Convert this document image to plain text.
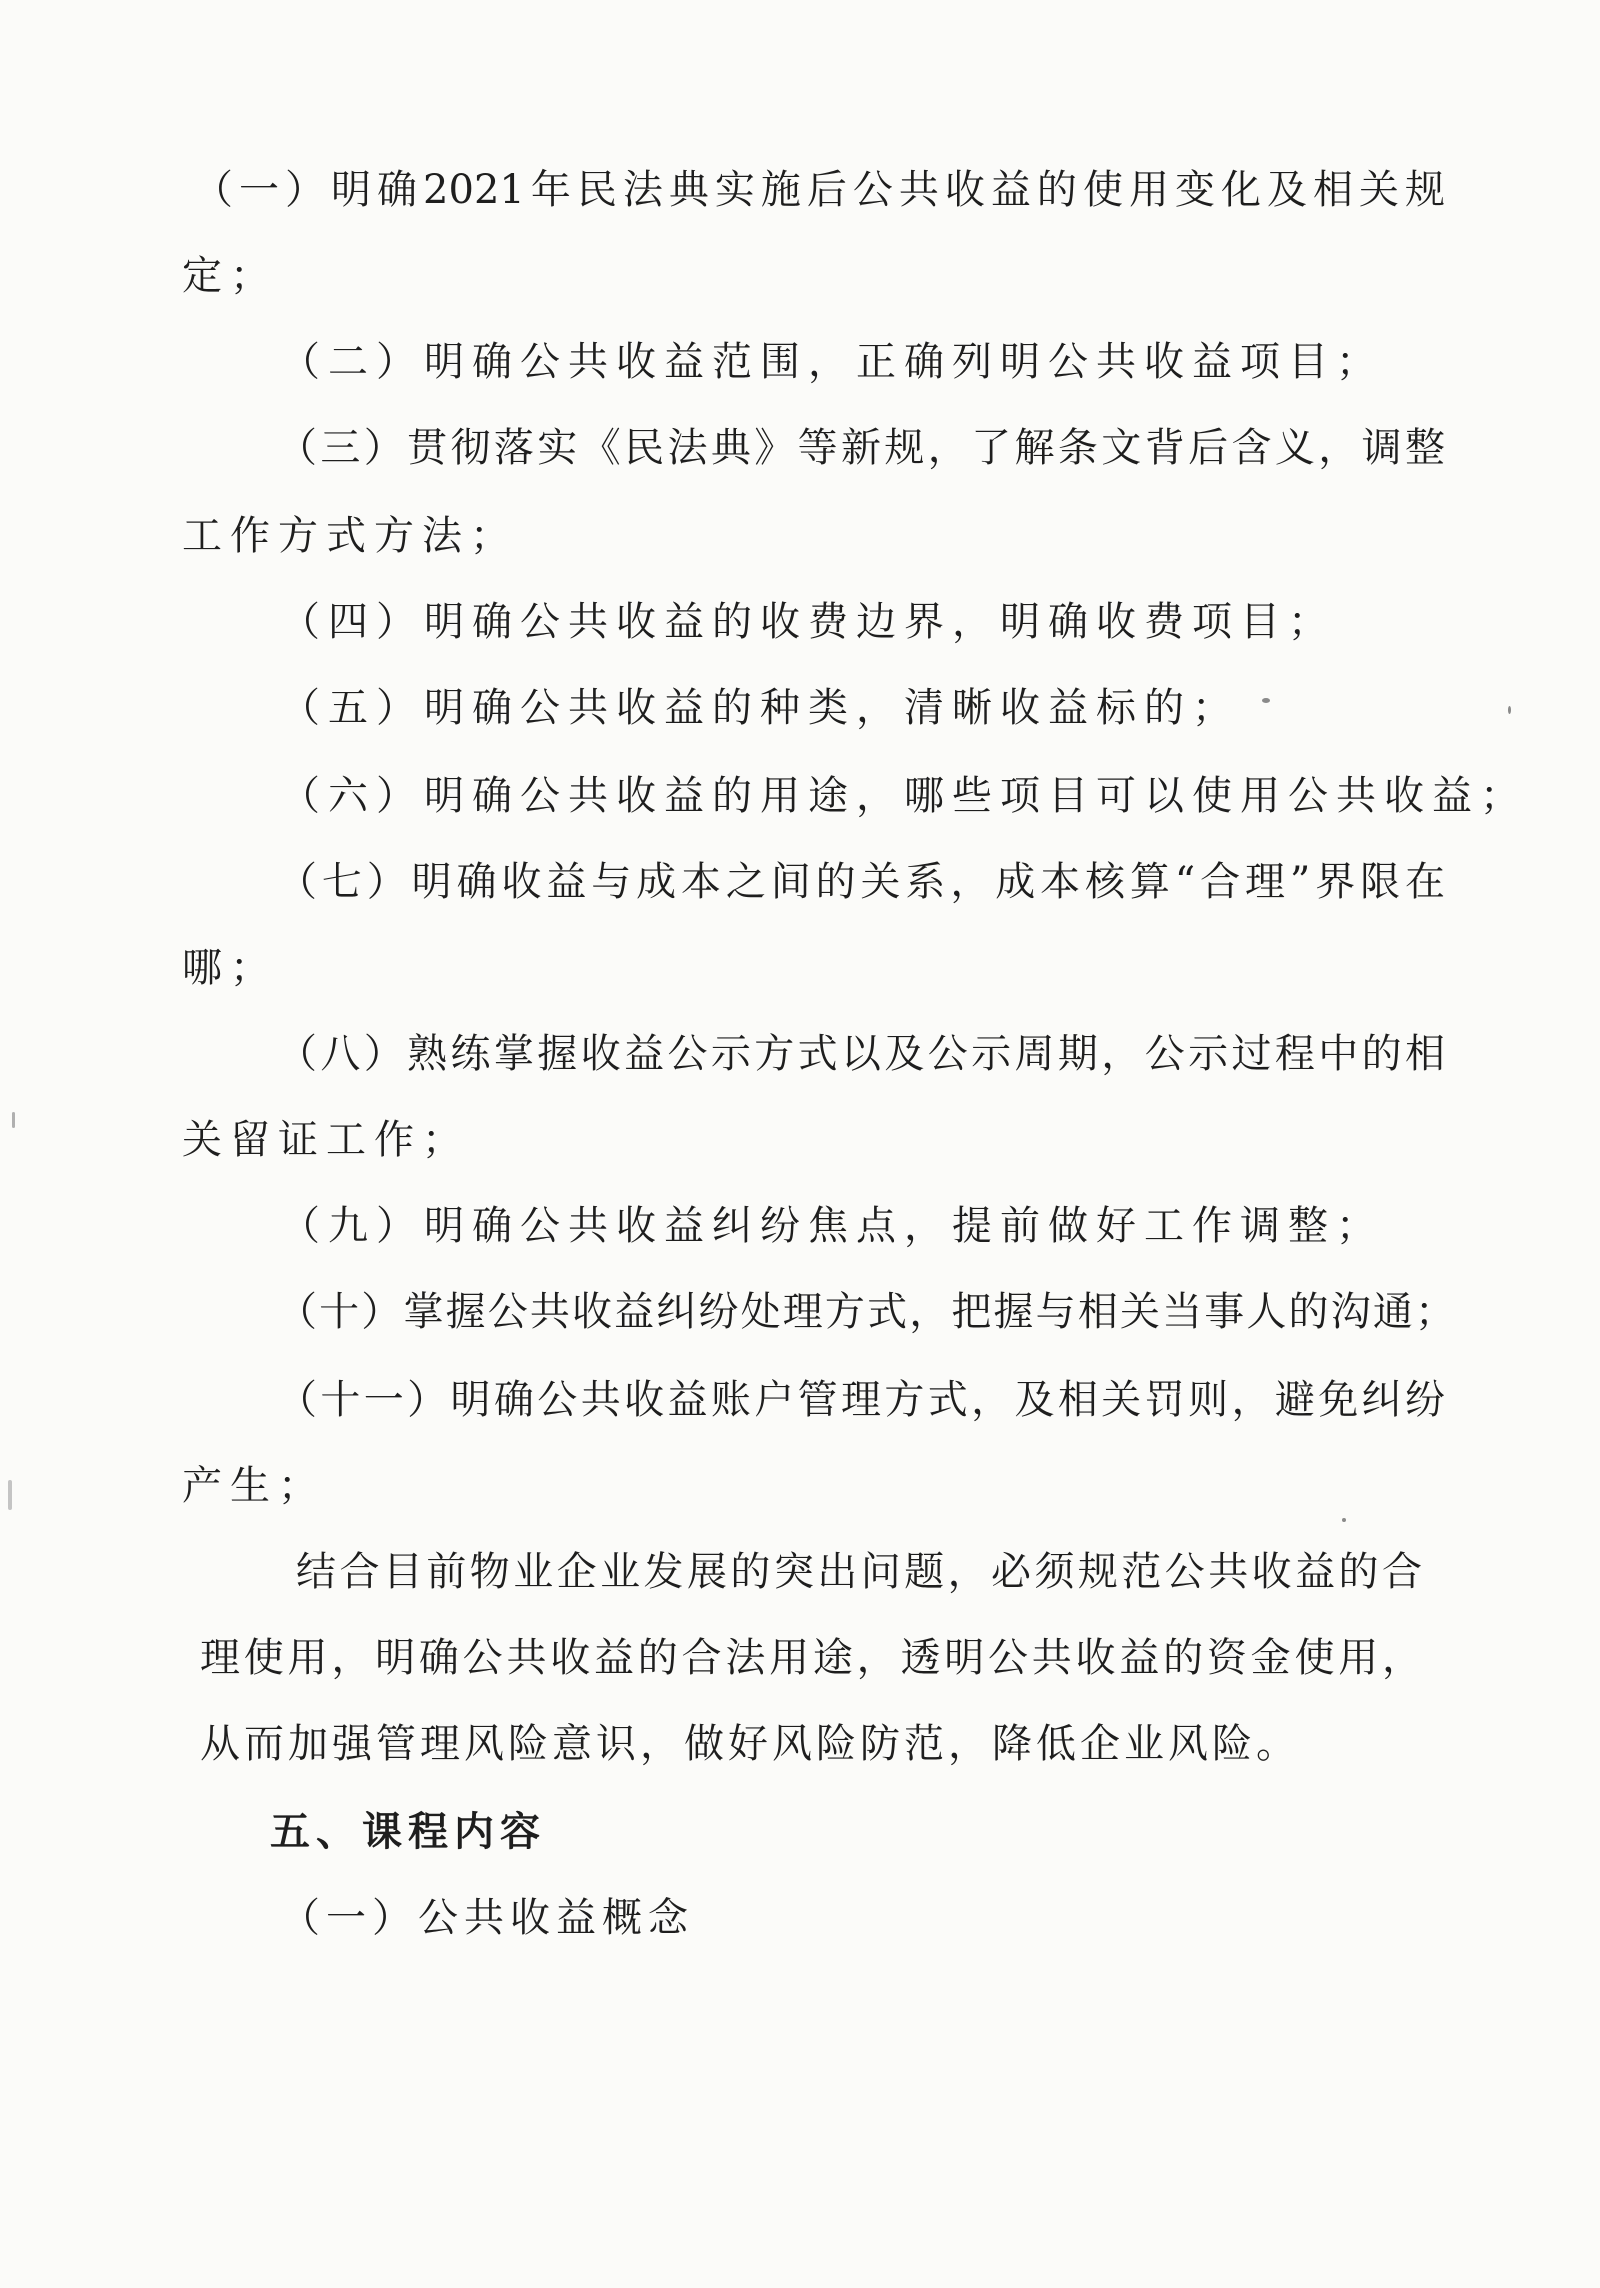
（一）明确2021年民法典实施后公共收益的使用变化及相关规

定；

（二）明确公共收益范围，正确列明公共收益项目；

（三）贯彻落实《民法典》等新规，了解条文背后含义，调整

工作方式方法；

（四）明确公共收益的收费边界，明确收费项目；

（五）明确公共收益的种类，清晰收益标的；

（六）明确公共收益的用途，哪些项目可以使用公共收益；

（七）明确收益与成本之间的关系，成本核算“合理”界限在

哪；

（八）熟练掌握收益公示方式以及公示周期，公示过程中的相

关留证工作；

（九）明确公共收益纠纷焦点，提前做好工作调整；

（十）掌握公共收益纠纷处理方式，把握与相关当事人的沟通；

（十一）明确公共收益账户管理方式，及相关罚则，避免纠纷

产生；

结合目前物业企业发展的突出问题，必须规范公共收益的合

理使用，明确公共收益的合法用途，透明公共收益的资金使用，

从而加强管理风险意识，做好风险防范，降低企业风险。

五、课程内容

（一）公共收益概念
